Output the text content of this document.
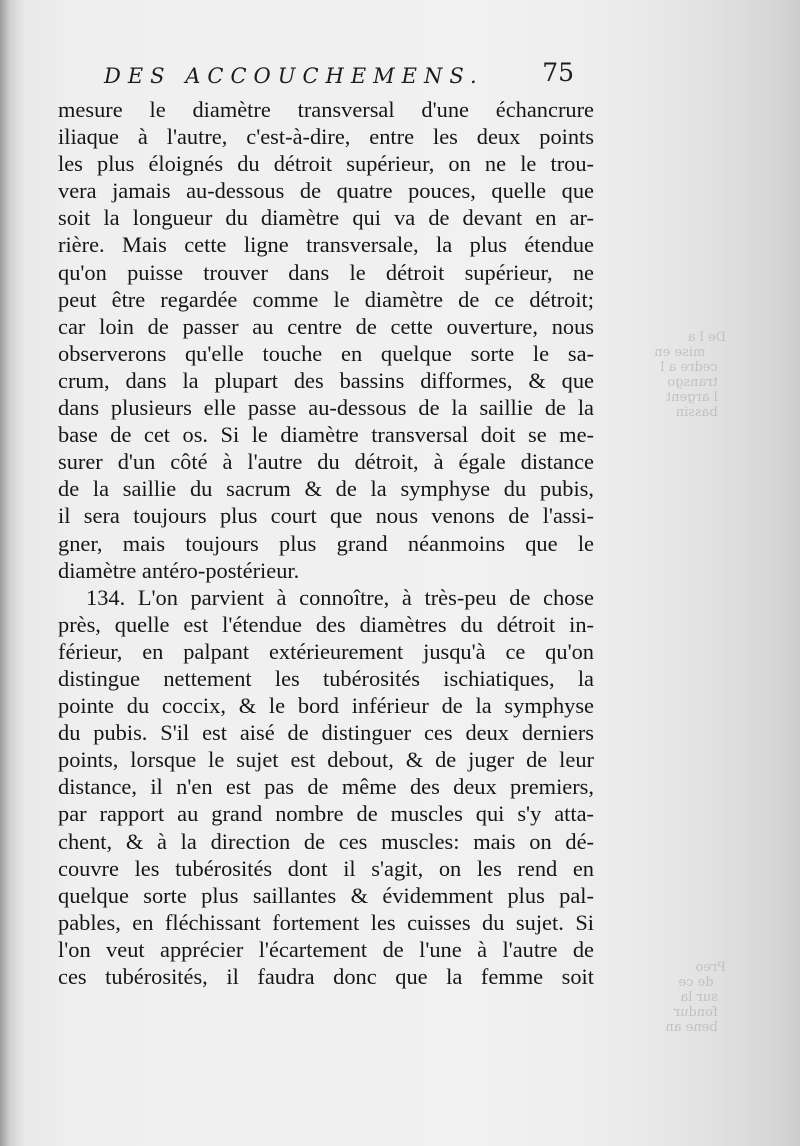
De l a
mise en
cedre a l
transgo
l argent
bassin
Preo
de ce
sur la
fondur
bene an
DES ACCOUCHEMENS. 75
mesure le diamètre transversal d'une échancrure
iliaque à l'autre, c'est-à-dire, entre les deux points
les plus éloignés du détroit supérieur, on ne le trou-
vera jamais au-dessous de quatre pouces, quelle que
soit la longueur du diamètre qui va de devant en ar-
rière. Mais cette ligne transversale, la plus étendue
qu'on puisse trouver dans le détroit supérieur, ne
peut être regardée comme le diamètre de ce détroit;
car loin de passer au centre de cette ouverture, nous
observerons qu'elle touche en quelque sorte le sa-
crum, dans la plupart des bassins difformes, & que
dans plusieurs elle passe au-dessous de la saillie de la
base de cet os. Si le diamètre transversal doit se me-
surer d'un côté à l'autre du détroit, à égale distance
de la saillie du sacrum & de la symphyse du pubis,
il sera toujours plus court que nous venons de l'assi-
gner, mais toujours plus grand néanmoins que le
diamètre antéro-postérieur.
134. L'on parvient à connoître, à très-peu de chose
près, quelle est l'étendue des diamètres du détroit in-
férieur, en palpant extérieurement jusqu'à ce qu'on
distingue nettement les tubérosités ischiatiques, la
pointe du coccix, & le bord inférieur de la symphyse
du pubis. S'il est aisé de distinguer ces deux derniers
points, lorsque le sujet est debout, & de juger de leur
distance, il n'en est pas de même des deux premiers,
par rapport au grand nombre de muscles qui s'y atta-
chent, & à la direction de ces muscles: mais on dé-
couvre les tubérosités dont il s'agit, on les rend en
quelque sorte plus saillantes & évidemment plus pal-
pables, en fléchissant fortement les cuisses du sujet. Si
l'on veut apprécier l'écartement de l'une à l'autre de
ces tubérosités, il faudra donc que la femme soit
